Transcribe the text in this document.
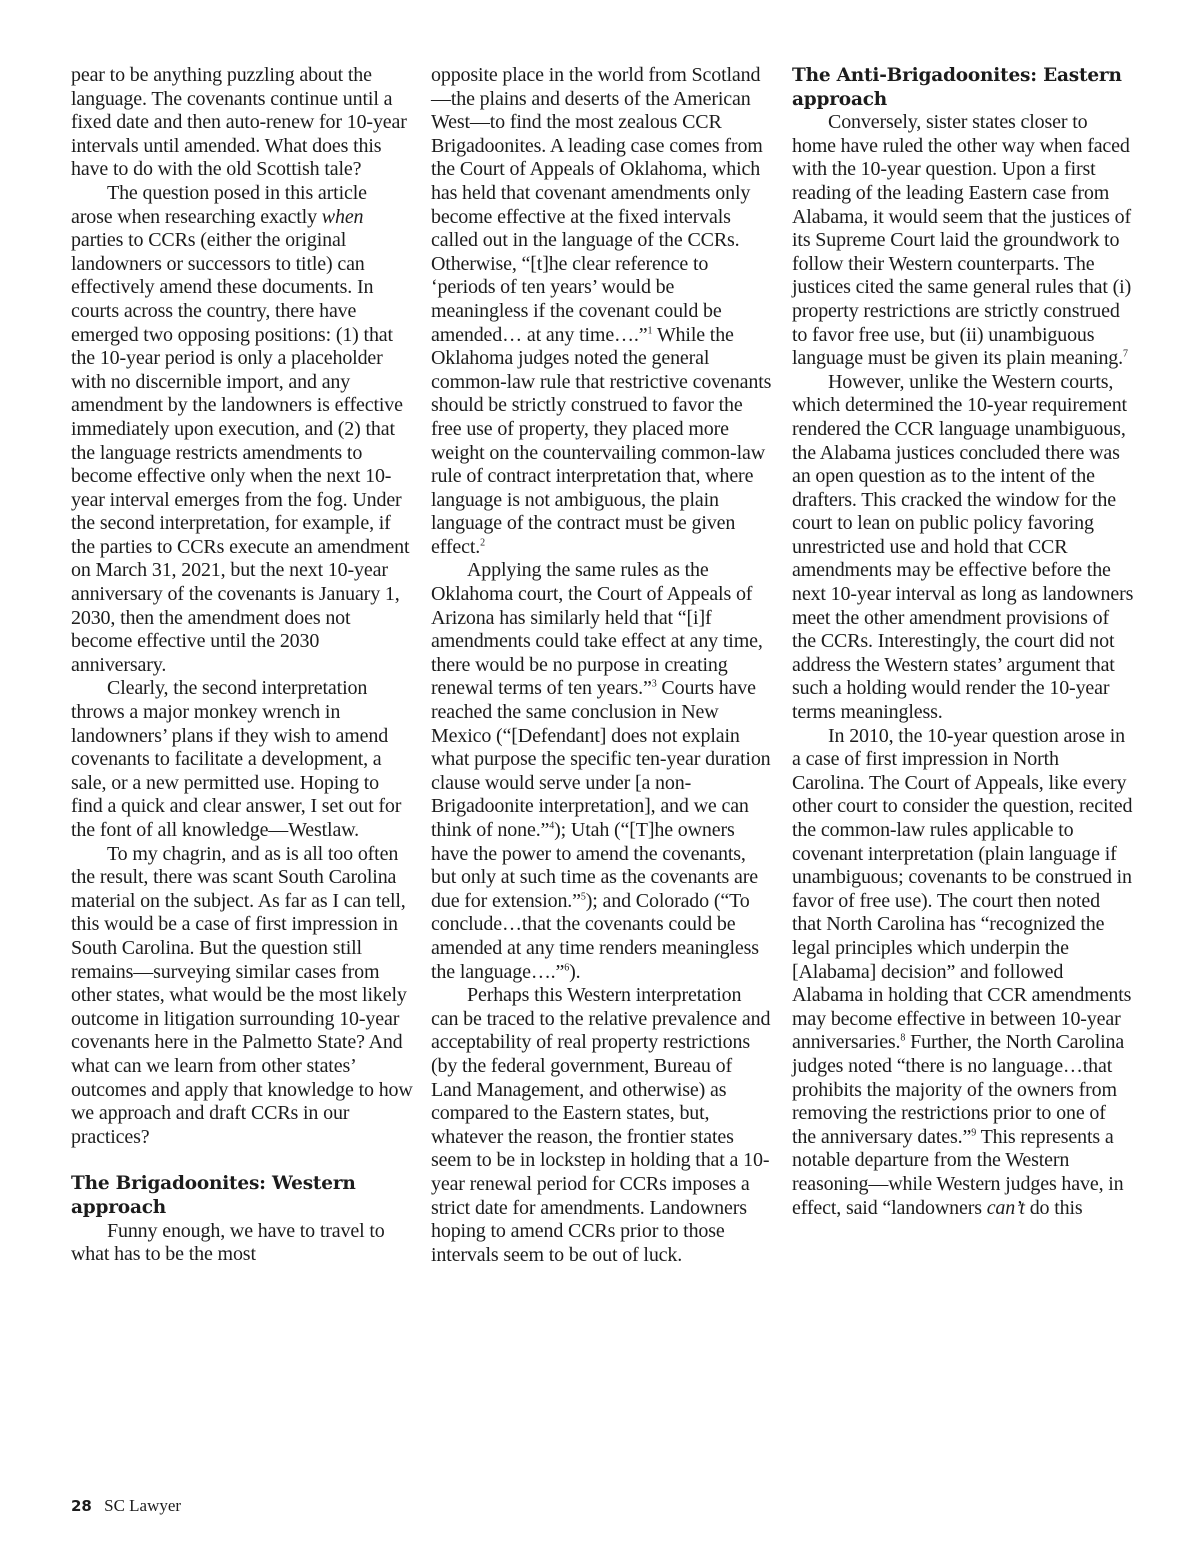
pear to be anything puzzling about the language. The covenants continue until a fixed date and then auto-renew for 10-year intervals until amended. What does this have to do with the old Scottish tale?

The question posed in this article arose when researching exactly when parties to CCRs (either the original landowners or successors to title) can effectively amend these documents. In courts across the country, there have emerged two opposing positions: (1) that the 10-year period is only a placeholder with no discernible import, and any amendment by the landowners is effective immediately upon execution, and (2) that the language restricts amendments to become effective only when the next 10-year interval emerges from the fog. Under the second interpretation, for example, if the parties to CCRs execute an amendment on March 31, 2021, but the next 10-year anniversary of the covenants is January 1, 2030, then the amendment does not become effective until the 2030 anniversary.

Clearly, the second interpretation throws a major monkey wrench in landowners’ plans if they wish to amend covenants to facilitate a development, a sale, or a new permitted use. Hoping to find a quick and clear answer, I set out for the font of all knowledge—Westlaw.

To my chagrin, and as is all too often the result, there was scant South Carolina material on the subject. As far as I can tell, this would be a case of first impression in South Carolina. But the question still remains—surveying similar cases from other states, what would be the most likely outcome in litigation surrounding 10-year covenants here in the Palmetto State? And what can we learn from other states’ outcomes and apply that knowledge to how we approach and draft CCRs in our practices?

The Brigadoonites: Western approach

Funny enough, we have to travel to what has to be the most

opposite place in the world from Scotland—the plains and deserts of the American West—to find the most zealous CCR Brigadoonites. A leading case comes from the Court of Appeals of Oklahoma, which has held that covenant amendments only become effective at the fixed intervals called out in the language of the CCRs. Otherwise, “[t]he clear reference to ‘periods of ten years’ would be meaningless if the covenant could be amended… at any time….”$^1$ While the Oklahoma judges noted the general common-law rule that restrictive covenants should be strictly construed to favor the free use of property, they placed more weight on the countervailing common-law rule of contract interpretation that, where language is not ambiguous, the plain language of the contract must be given effect.$^2$

Applying the same rules as the Oklahoma court, the Court of Appeals of Arizona has similarly held that “[i]f amendments could take effect at any time, there would be no purpose in creating renewal terms of ten years.”$^3$ Courts have reached the same conclusion in New Mexico (“[Defendant] does not explain what purpose the specific ten-year duration clause would serve under [a non-Brigadoonite interpretation], and we can think of none.”$^4$); Utah (“[T]he owners have the power to amend the covenants, but only at such time as the covenants are due for extension.”$^5$); and Colorado (“To conclude…that the covenants could be amended at any time renders meaningless the language….”$^6$).

Perhaps this Western interpretation can be traced to the relative prevalence and acceptability of real property restrictions (by the federal government, Bureau of Land Management, and otherwise) as compared to the Eastern states, but, whatever the reason, the frontier states seem to be in lockstep in holding that a 10-year renewal period for CCRs imposes a strict date for amendments. Landowners hoping to amend CCRs prior to those intervals seem to be out of luck.

The Anti-Brigadoonites: Eastern approach

Conversely, sister states closer to home have ruled the other way when faced with the 10-year question. Upon a first reading of the leading Eastern case from Alabama, it would seem that the justices of its Supreme Court laid the groundwork to follow their Western counterparts. The justices cited the same general rules that (i) property restrictions are strictly construed to favor free use, but (ii) unambiguous language must be given its plain meaning.$^7$

However, unlike the Western courts, which determined the 10-year requirement rendered the CCR language unambiguous, the Alabama justices concluded there was an open question as to the intent of the drafters. This cracked the window for the court to lean on public policy favoring unrestricted use and hold that CCR amendments may be effective before the next 10-year interval as long as landowners meet the other amendment provisions of the CCRs. Interestingly, the court did not address the Western states’ argument that such a holding would render the 10-year terms meaningless.

In 2010, the 10-year question arose in a case of first impression in North Carolina. The Court of Appeals, like every other court to consider the question, recited the common-law rules applicable to covenant interpretation (plain language if unambiguous; covenants to be construed in favor of free use). The court then noted that North Carolina has “recognized the legal principles which underpin the [Alabama] decision” and followed Alabama in holding that CCR amendments may become effective in between 10-year anniversaries.$^8$ Further, the North Carolina judges noted “there is no language…that prohibits the majority of the owners from removing the restrictions prior to one of the anniversary dates.”$^9$ This represents a notable departure from the Western reasoning—while Western judges have, in effect, said “landowners can’t do this

28 SC Lawyer
